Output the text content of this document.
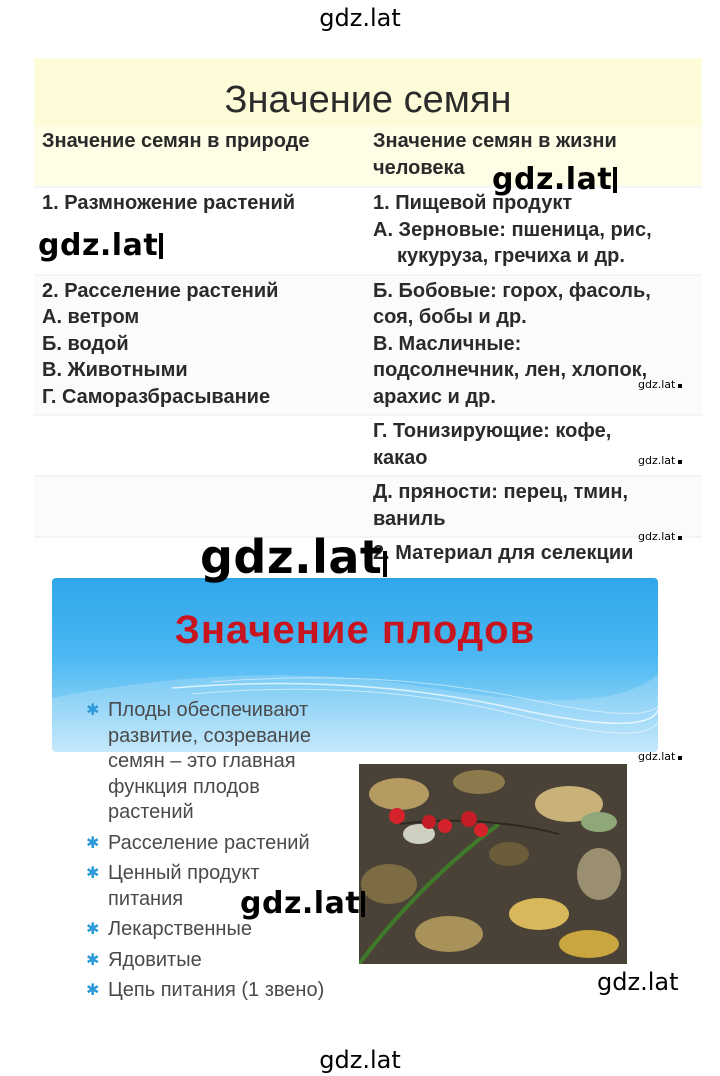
gdz.lat
Значение семян
Значение семян в природе	Значение семян в жизни
человека

1. Размножение растений	1. Пищевой продукт
А. Зерновые: пшеница, рис,
кукуруза, гречиха и др.

2. Расселение растений
А. ветром
Б. водой
В. Животными
Г. Саморазбрасывание	Б. Бобовые: горох, фасоль,
соя, бобы и др.
В. Масличные:
подсолнечник, лен, хлопок,
арахис и др.

	Г. Тонизирующие: кофе,
какао

	Д. пряности: перец, тмин,
ваниль

	2. Материал для селекции
Значение плодов
✱ Плоды обеспечивают
развитие, созревание
семян – это главная
функция плодов
растений
✱ Расселение растений
✱ Ценный продукт
питания
✱ Лекарственные
✱ Ядовитые
✱ Цепь питания (1 звено)
gdz.lat
gdz.lat
gdz.lat
gdz.lat
gdz.lat ▪
gdz.lat ▪
gdz.lat ▪
gdz.lat ▪
gdz.lat
gdz.lat
